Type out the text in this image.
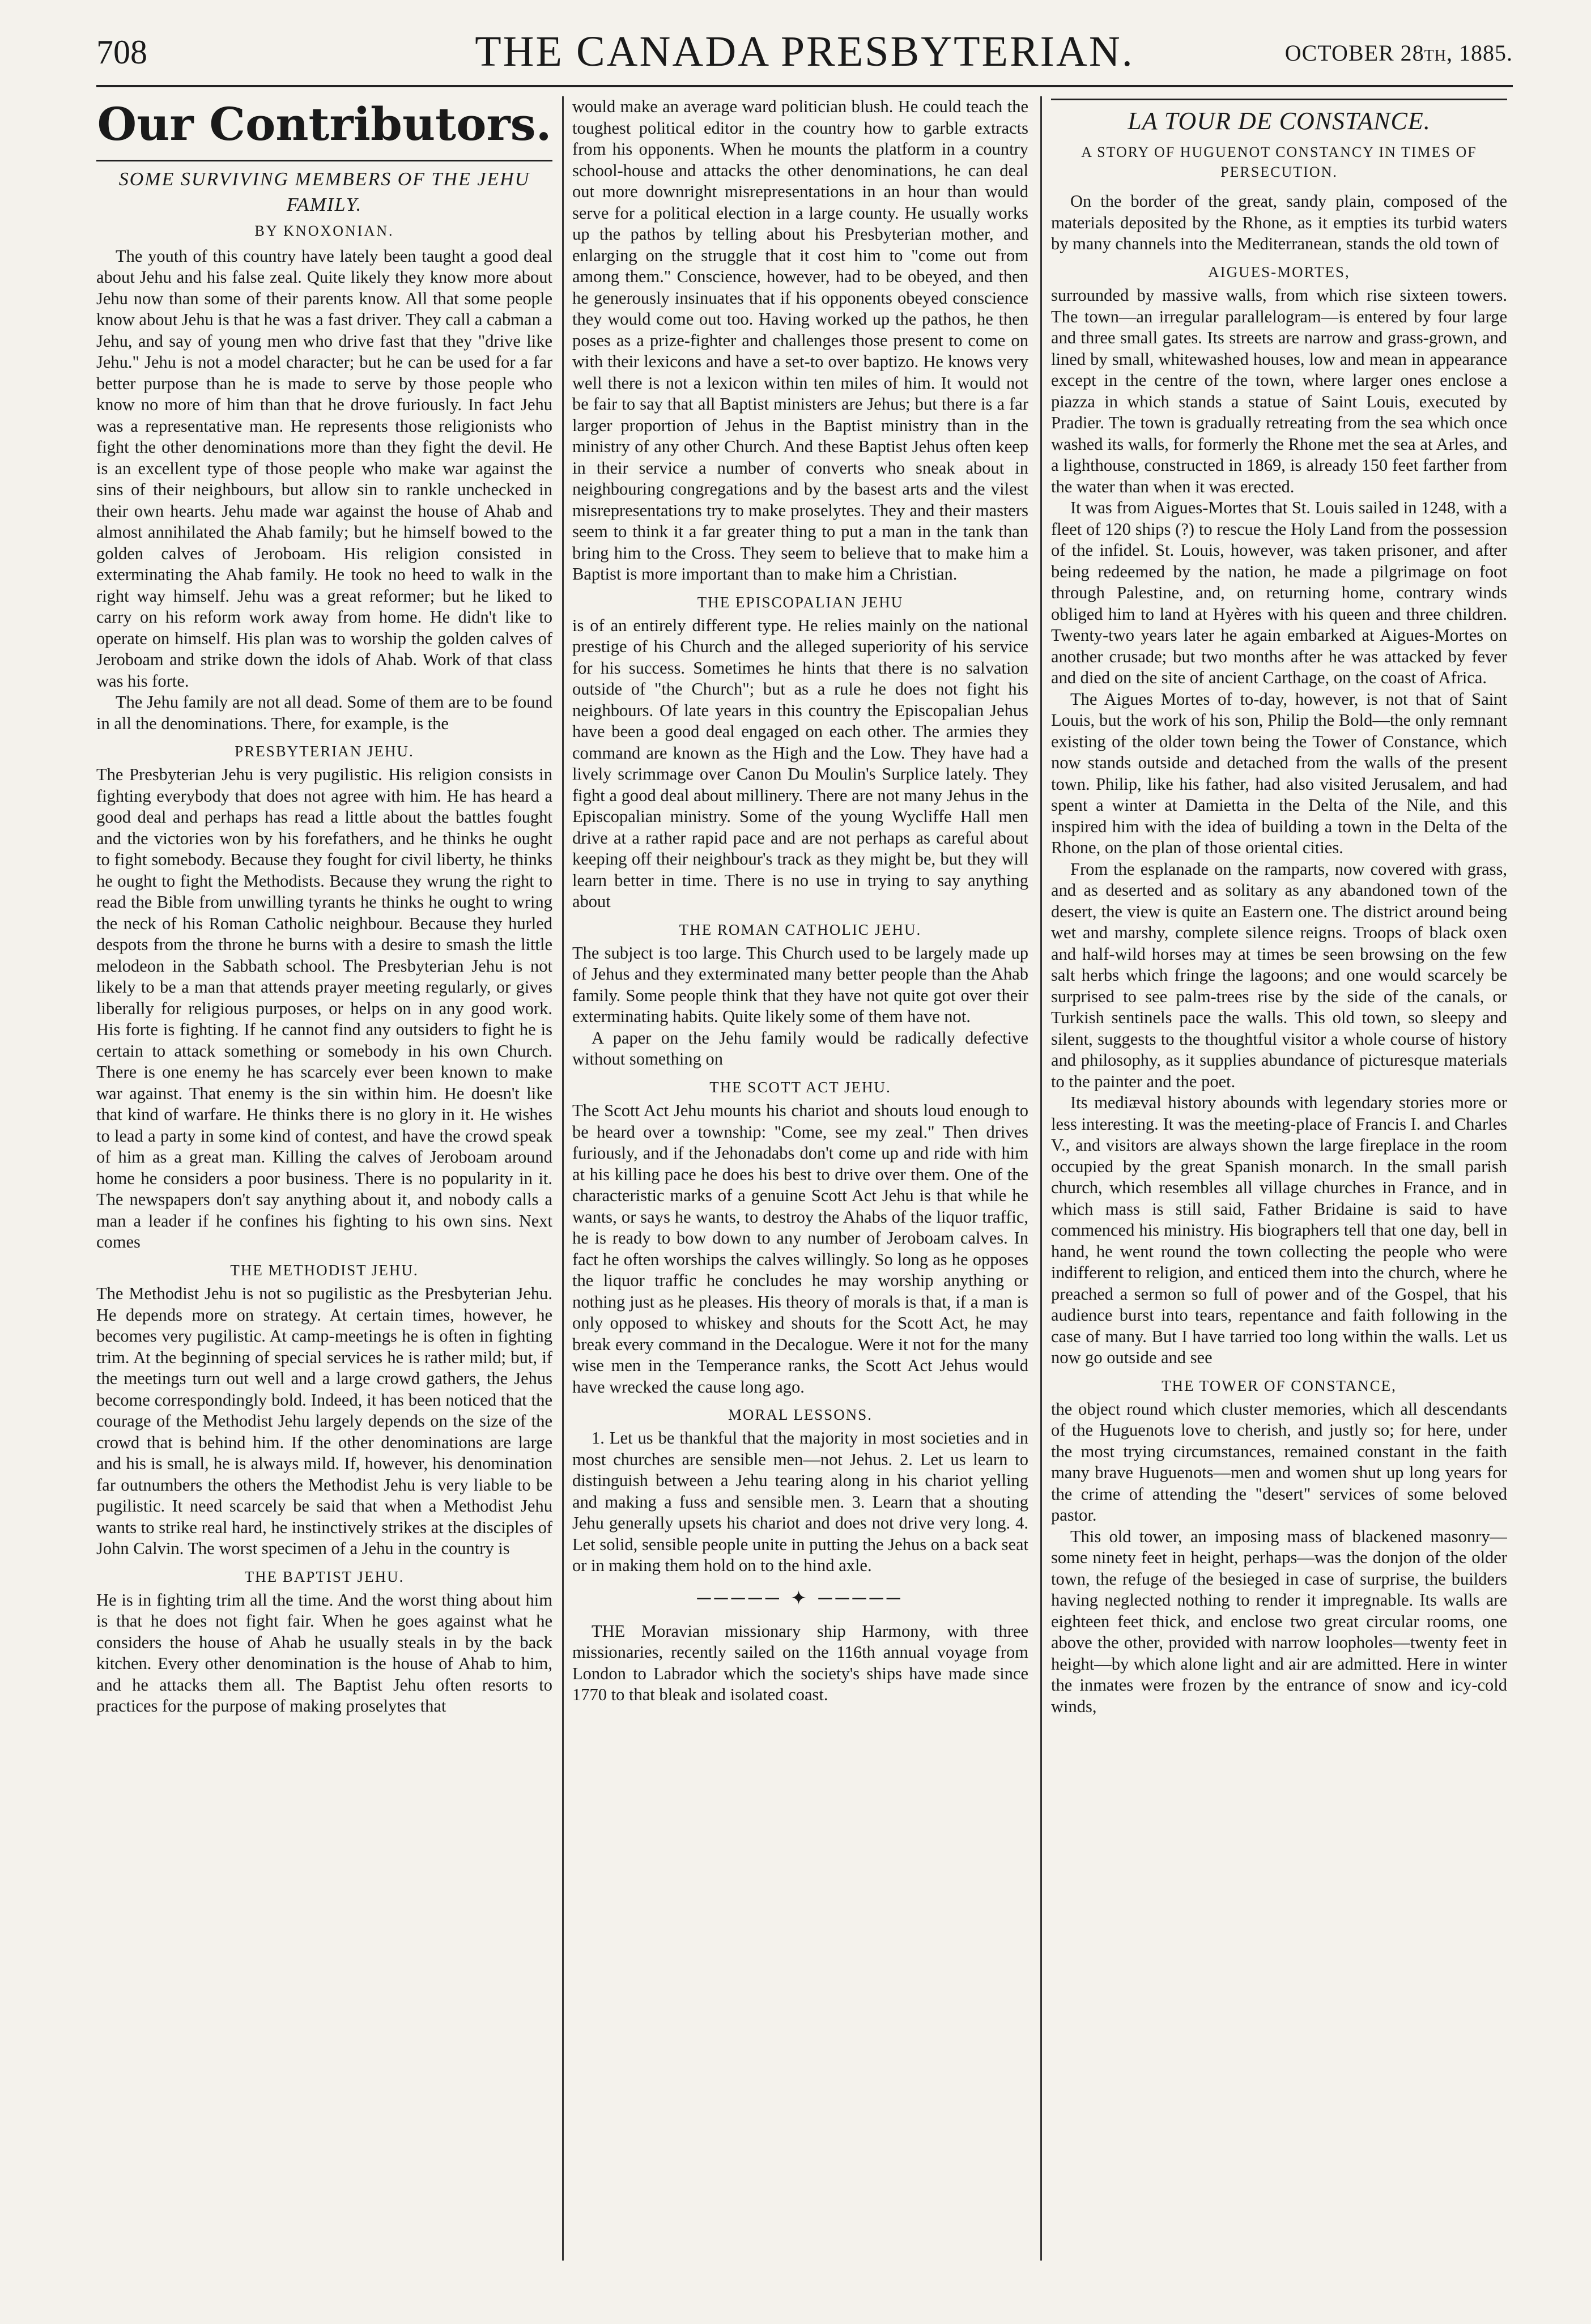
708	THE CANADA PRESBYTERIAN.	OCTOBER 28th, 1885.
Our Contributors.
SOME SURVIVING MEMBERS OF THE JEHU FAMILY.
BY KNOXONIAN.

The youth of this country have lately been taught a good deal about Jehu and his false zeal. Quite likely they know more about Jehu now than some of their parents know. All that some people know about Jehu is that he was a fast driver. They call a cabman a Jehu, and say of young men who drive fast that they "drive like Jehu." Jehu is not a model character; but he can be used for a far better purpose than he is made to serve by those people who know no more of him than that he drove furiously. In fact Jehu was a representative man. He represents those religionists who fight the other denominations more than they fight the devil. He is an excellent type of those people who make war against the sins of their neighbours, but allow sin to rankle unchecked in their own hearts. Jehu made war against the house of Ahab and almost annihilated the Ahab family; but he himself bowed to the golden calves of Jeroboam. His religion consisted in exterminating the Ahab family. He took no heed to walk in the right way himself. Jehu was a great reformer; but he liked to carry on his reform work away from home. He didn't like to operate on himself. His plan was to worship the golden calves of Jeroboam and strike down the idols of Ahab. Work of that class was his forte.

The Jehu family are not all dead. Some of them are to be found in all the denominations. There, for example, is the

PRESBYTERIAN JEHU.

The Presbyterian Jehu is very pugilistic. His religion consists in fighting everybody that does not agree with him. He has heard a good deal and perhaps has read a little about the battles fought and the victories won by his forefathers, and he thinks he ought to fight somebody. Because they fought for civil liberty, he thinks he ought to fight the Methodists. Because they wrung the right to read the Bible from unwilling tyrants he thinks he ought to wring the neck of his Roman Catholic neighbour. Because they hurled despots from the throne he burns with a desire to smash the little melodeon in the Sabbath school. The Presbyterian Jehu is not likely to be a man that attends prayer meeting regularly, or gives liberally for religious purposes, or helps on in any good work. His forte is fighting. If he cannot find any outsiders to fight he is certain to attack something or somebody in his own Church. There is one enemy he has scarcely ever been known to make war against. That enemy is the sin within him. He doesn't like that kind of warfare. He thinks there is no glory in it. He wishes to lead a party in some kind of contest, and have the crowd speak of him as a great man. Killing the calves of Jeroboam around home he considers a poor business. There is no popularity in it. The newspapers don't say anything about it, and nobody calls a man a leader if he confines his fighting to his own sins. Next comes

THE METHODIST JEHU.

The Methodist Jehu is not so pugilistic as the Presbyterian Jehu. He depends more on strategy. At certain times, however, he becomes very pugilistic. At camp-meetings he is often in fighting trim. At the beginning of special services he is rather mild; but, if the meetings turn out well and a large crowd gathers, the Jehus become correspondingly bold. Indeed, it has been noticed that the courage of the Methodist Jehu largely depends on the size of the crowd that is behind him. If the other denominations are large and his is small, he is always mild. If, however, his denomination far outnumbers the others the Methodist Jehu is very liable to be pugilistic. It need scarcely be said that when a Methodist Jehu wants to strike real hard, he instinctively strikes at the disciples of John Calvin. The worst specimen of a Jehu in the country is

THE BAPTIST JEHU.

He is in fighting trim all the time. And the worst thing about him is that he does not fight fair. When he goes against what he considers the house of Ahab he usually steals in by the back kitchen. Every other denomination is the house of Ahab to him, and he attacks them all. The Baptist Jehu often resorts to practices for the purpose of making proselytes that

would make an average ward politician blush. He could teach the toughest political editor in the country how to garble extracts from his opponents. When he mounts the platform in a country school-house and attacks the other denominations, he can deal out more downright misrepresentations in an hour than would serve for a political election in a large county. He usually works up the pathos by telling about his Presbyterian mother, and enlarging on the struggle that it cost him to "come out from among them." Conscience, however, had to be obeyed, and then he generously insinuates that if his opponents obeyed conscience they would come out too. Having worked up the pathos, he then poses as a prize-fighter and challenges those present to come on with their lexicons and have a set-to over baptizo. He knows very well there is not a lexicon within ten miles of him. It would not be fair to say that all Baptist ministers are Jehus; but there is a far larger proportion of Jehus in the Baptist ministry than in the ministry of any other Church. And these Baptist Jehus often keep in their service a number of converts who sneak about in neighbouring congregations and by the basest arts and the vilest misrepresentations try to make proselytes. They and their masters seem to think it a far greater thing to put a man in the tank than bring him to the Cross. They seem to believe that to make him a Baptist is more important than to make him a Christian.

THE EPISCOPALIAN JEHU

is of an entirely different type. He relies mainly on the national prestige of his Church and the alleged superiority of his service for his success. Sometimes he hints that there is no salvation outside of "the Church"; but as a rule he does not fight his neighbours. Of late years in this country the Episcopalian Jehus have been a good deal engaged on each other. The armies they command are known as the High and the Low. They have had a lively scrimmage over Canon Du Moulin's Surplice lately. They fight a good deal about millinery. There are not many Jehus in the Episcopalian ministry. Some of the young Wycliffe Hall men drive at a rather rapid pace and are not perhaps as careful about keeping off their neighbour's track as they might be, but they will learn better in time. There is no use in trying to say anything about

THE ROMAN CATHOLIC JEHU.

The subject is too large. This Church used to be largely made up of Jehus and they exterminated many better people than the Ahab family. Some people think that they have not quite got over their exterminating habits. Quite likely some of them have not.

A paper on the Jehu family would be radically defective without something on

THE SCOTT ACT JEHU.

The Scott Act Jehu mounts his chariot and shouts loud enough to be heard over a township: "Come, see my zeal." Then drives furiously, and if the Jehonadabs don't come up and ride with him at his killing pace he does his best to drive over them. One of the characteristic marks of a genuine Scott Act Jehu is that while he wants, or says he wants, to destroy the Ahabs of the liquor traffic, he is ready to bow down to any number of Jeroboam calves. In fact he often worships the calves willingly. So long as he opposes the liquor traffic he concludes he may worship anything or nothing just as he pleases. His theory of morals is that, if a man is only opposed to whiskey and shouts for the Scott Act, he may break every command in the Decalogue. Were it not for the many wise men in the Temperance ranks, the Scott Act Jehus would have wrecked the cause long ago.

MORAL LESSONS.

1. Let us be thankful that the majority in most societies and in most churches are sensible men—not Jehus. 2. Let us learn to distinguish between a Jehu tearing along in his chariot yelling and making a fuss and sensible men. 3. Learn that a shouting Jehu generally upsets his chariot and does not drive very long. 4. Let solid, sensible people unite in putting the Jehus on a back seat or in making them hold on to the hind axle.

───── ✦ ─────

THE Moravian missionary ship Harmony, with three missionaries, recently sailed on the 116th annual voyage from London to Labrador which the society's ships have made since 1770 to that bleak and isolated coast.

LA TOUR DE CONSTANCE.
A STORY OF HUGUENOT CONSTANCY IN TIMES OF PERSECUTION.

On the border of the great, sandy plain, composed of the materials deposited by the Rhone, as it empties its turbid waters by many channels into the Mediterranean, stands the old town of

AIGUES-MORTES,

surrounded by massive walls, from which rise sixteen towers. The town—an irregular parallelogram—is entered by four large and three small gates. Its streets are narrow and grass-grown, and lined by small, whitewashed houses, low and mean in appearance except in the centre of the town, where larger ones enclose a piazza in which stands a statue of Saint Louis, executed by Pradier. The town is gradually retreating from the sea which once washed its walls, for formerly the Rhone met the sea at Arles, and a lighthouse, constructed in 1869, is already 150 feet farther from the water than when it was erected.

It was from Aigues-Mortes that St. Louis sailed in 1248, with a fleet of 120 ships (?) to rescue the Holy Land from the possession of the infidel. St. Louis, however, was taken prisoner, and after being redeemed by the nation, he made a pilgrimage on foot through Palestine, and, on returning home, contrary winds obliged him to land at Hyères with his queen and three children. Twenty-two years later he again embarked at Aigues-Mortes on another crusade; but two months after he was attacked by fever and died on the site of ancient Carthage, on the coast of Africa.

The Aigues Mortes of to-day, however, is not that of Saint Louis, but the work of his son, Philip the Bold—the only remnant existing of the older town being the Tower of Constance, which now stands outside and detached from the walls of the present town. Philip, like his father, had also visited Jerusalem, and had spent a winter at Damietta in the Delta of the Nile, and this inspired him with the idea of building a town in the Delta of the Rhone, on the plan of those oriental cities.

From the esplanade on the ramparts, now covered with grass, and as deserted and as solitary as any abandoned town of the desert, the view is quite an Eastern one. The district around being wet and marshy, complete silence reigns. Troops of black oxen and half-wild horses may at times be seen browsing on the few salt herbs which fringe the lagoons; and one would scarcely be surprised to see palm-trees rise by the side of the canals, or Turkish sentinels pace the walls. This old town, so sleepy and silent, suggests to the thoughtful visitor a whole course of history and philosophy, as it supplies abundance of picturesque materials to the painter and the poet.

Its mediæval history abounds with legendary stories more or less interesting. It was the meeting-place of Francis I. and Charles V., and visitors are always shown the large fireplace in the room occupied by the great Spanish monarch. In the small parish church, which resembles all village churches in France, and in which mass is still said, Father Bridaine is said to have commenced his ministry. His biographers tell that one day, bell in hand, he went round the town collecting the people who were indifferent to religion, and enticed them into the church, where he preached a sermon so full of power and of the Gospel, that his audience burst into tears, repentance and faith following in the case of many. But I have tarried too long within the walls. Let us now go outside and see

THE TOWER OF CONSTANCE,

the object round which cluster memories, which all descendants of the Huguenots love to cherish, and justly so; for here, under the most trying circumstances, remained constant in the faith many brave Huguenots—men and women shut up long years for the crime of attending the "desert" services of some beloved pastor.

This old tower, an imposing mass of blackened masonry—some ninety feet in height, perhaps—was the donjon of the older town, the refuge of the besieged in case of surprise, the builders having neglected nothing to render it impregnable. Its walls are eighteen feet thick, and enclose two great circular rooms, one above the other, provided with narrow loopholes—twenty feet in height—by which alone light and air are admitted. Here in winter the inmates were frozen by the entrance of snow and icy-cold winds,
